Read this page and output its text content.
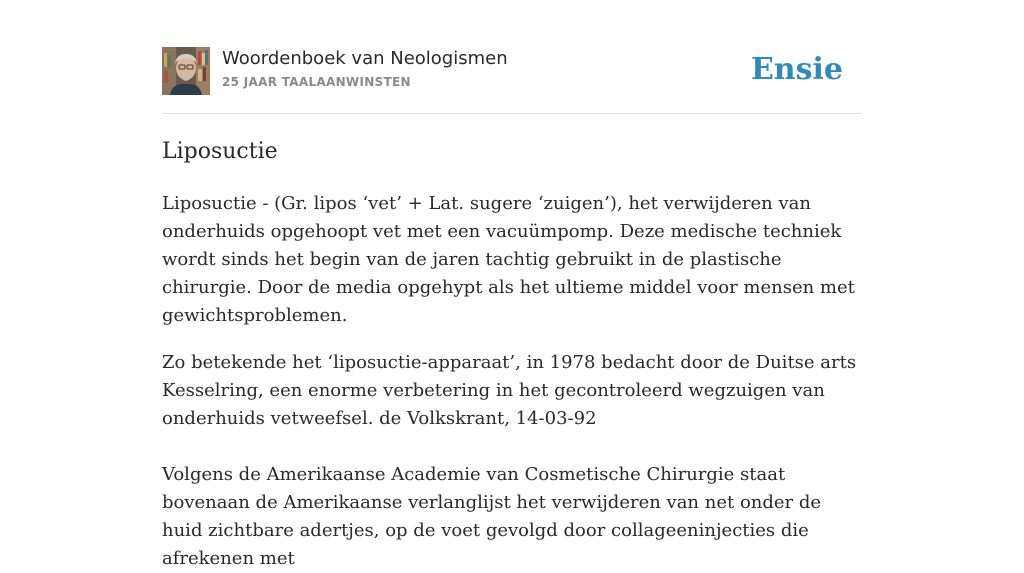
Woordenboek van Neologismen
25 JAAR TAALAANWINSTEN	Ensie
Liposuctie

Liposuctie - (Gr. lipos ‘vet’ + Lat. sugere ‘zuigen’), het verwijderen van onderhuids opgehoopt vet met een vacuümpomp. Deze medische techniek wordt sinds het begin van de jaren tachtig gebruikt in de plastische chirurgie. Door de media opgehypt als het ultieme middel voor mensen met gewichtsproblemen.

Zo betekende het ‘liposuctie-apparaat’, in 1978 bedacht door de Duitse arts Kesselring, een enorme verbetering in het gecontroleerd wegzuigen van onderhuids vetweefsel. de Volkskrant, 14-03-92

Volgens de Amerikaanse Academie van Cosmetische Chirurgie staat bovenaan de Amerikaanse verlanglijst het verwijderen van net onder de huid zichtbare adertjes, op de voet gevolgd door collageeninjecties die afrekenen met
